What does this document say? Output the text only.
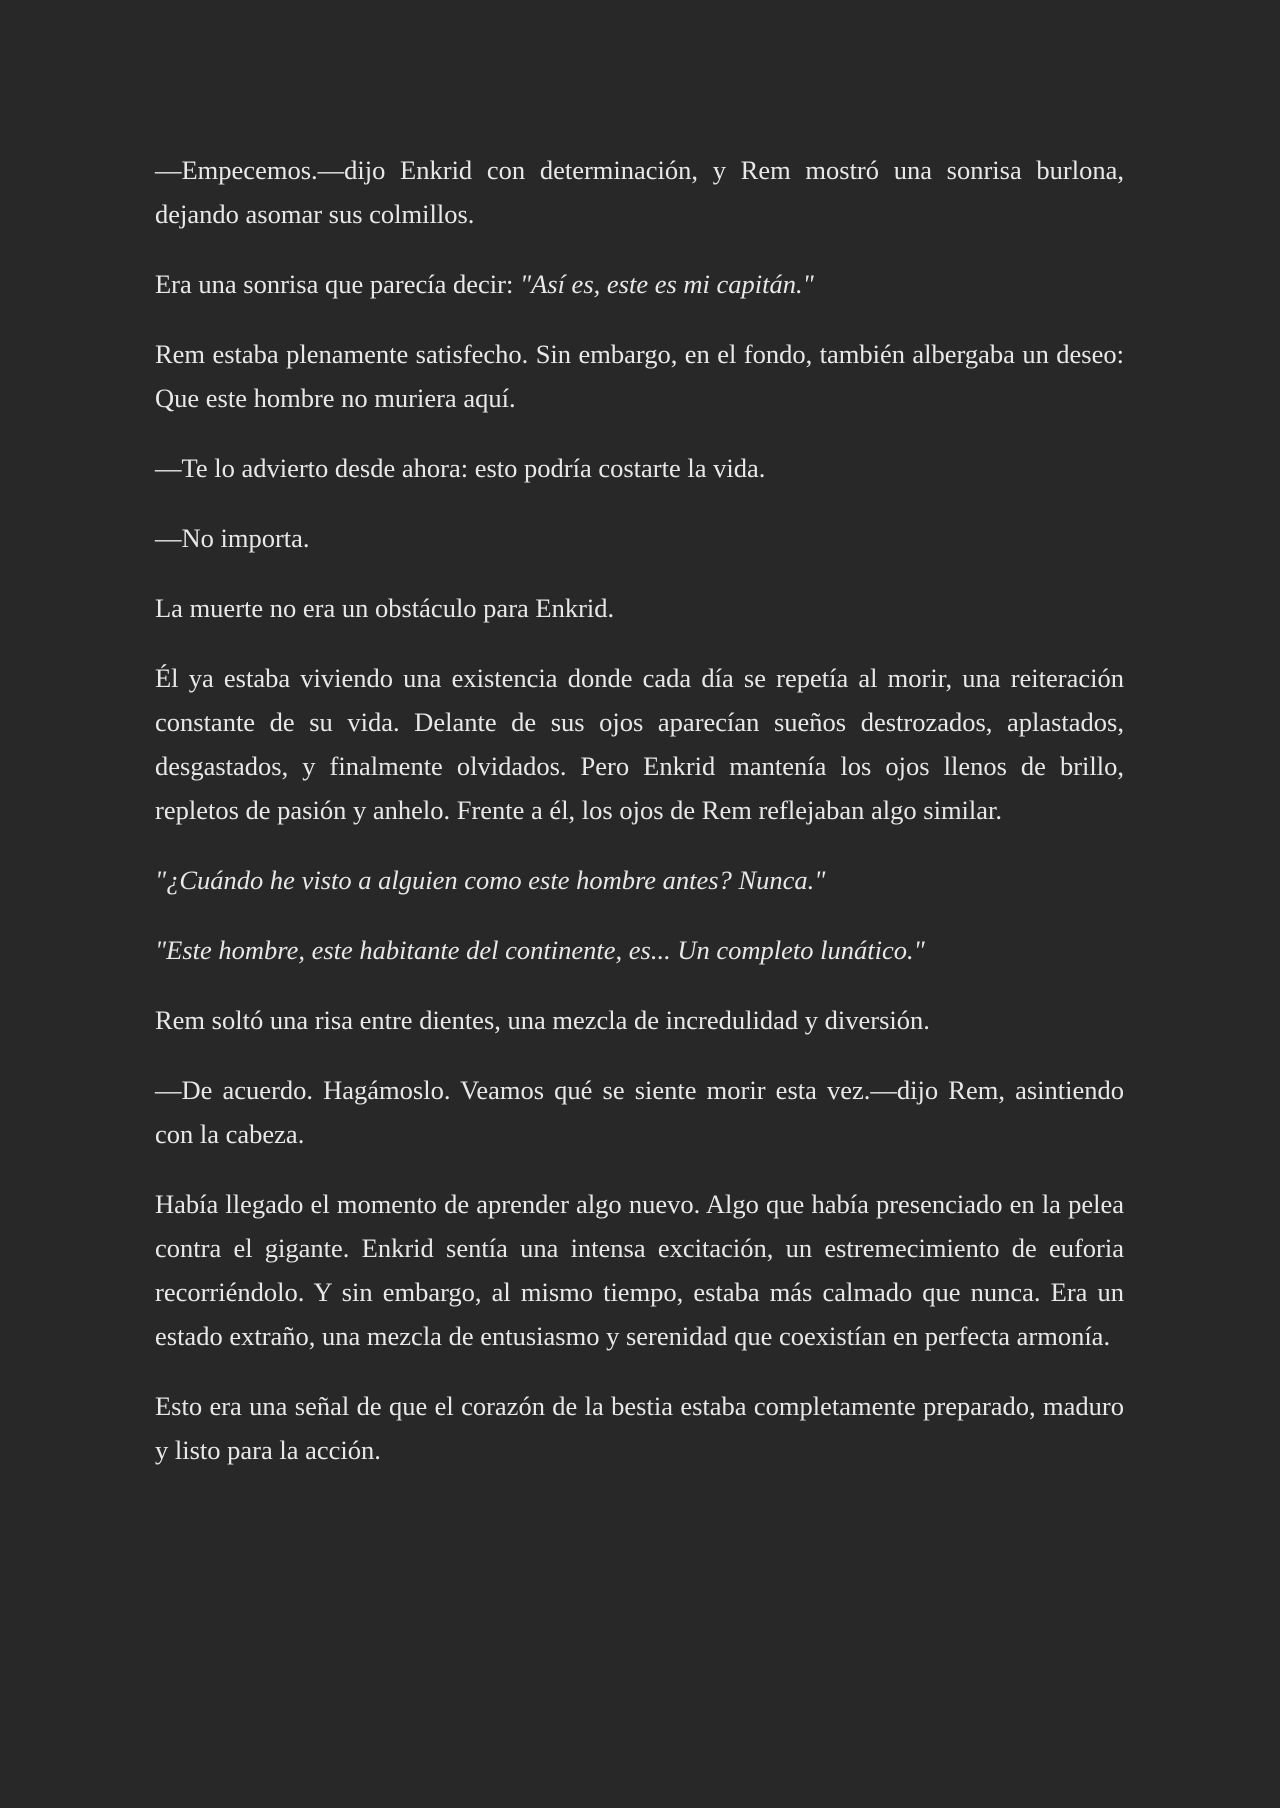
—Empecemos.—dijo Enkrid con determinación, y Rem mostró una sonrisa burlona, dejando asomar sus colmillos.

Era una sonrisa que parecía decir: "Así es, este es mi capitán."

Rem estaba plenamente satisfecho. Sin embargo, en el fondo, también albergaba un deseo: Que este hombre no muriera aquí.

—Te lo advierto desde ahora: esto podría costarte la vida.

—No importa.

La muerte no era un obstáculo para Enkrid.

Él ya estaba viviendo una existencia donde cada día se repetía al morir, una reiteración constante de su vida. Delante de sus ojos aparecían sueños destrozados, aplastados, desgastados, y finalmente olvidados. Pero Enkrid mantenía los ojos llenos de brillo, repletos de pasión y anhelo. Frente a él, los ojos de Rem reflejaban algo similar.

"¿Cuándo he visto a alguien como este hombre antes? Nunca."

"Este hombre, este habitante del continente, es... Un completo lunático."

Rem soltó una risa entre dientes, una mezcla de incredulidad y diversión.

—De acuerdo. Hagámoslo. Veamos qué se siente morir esta vez.—dijo Rem, asintiendo con la cabeza.

Había llegado el momento de aprender algo nuevo. Algo que había presenciado en la pelea contra el gigante. Enkrid sentía una intensa excitación, un estremecimiento de euforia recorriéndolo. Y sin embargo, al mismo tiempo, estaba más calmado que nunca. Era un estado extraño, una mezcla de entusiasmo y serenidad que coexistían en perfecta armonía.

Esto era una señal de que el corazón de la bestia estaba completamente preparado, maduro y listo para la acción.
